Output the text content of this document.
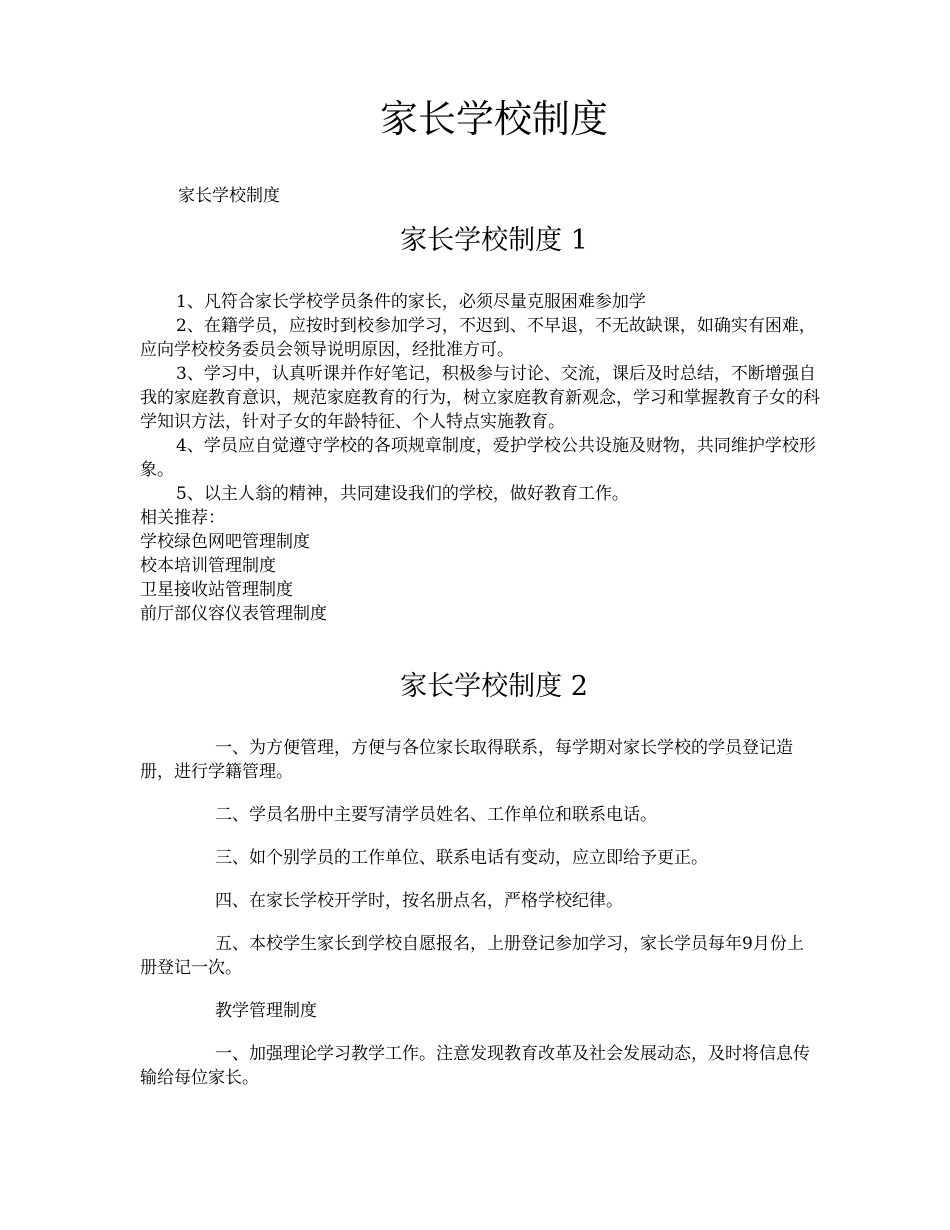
家长学校制度
家长学校制度
家长学校制度 1

1、凡符合家长学校学员条件的家长，必须尽量克服困难参加学

2、在籍学员，应按时到校参加学习，不迟到、不早退，不无故缺课，如确实有困难，应向学校校务委员会领导说明原因，经批准方可。

3、学习中，认真听课并作好笔记，积极参与讨论、交流，课后及时总结，不断增强自我的家庭教育意识，规范家庭教育的行为，树立家庭教育新观念，学习和掌握教育子女的科学知识方法，针对子女的年龄特征、个人特点实施教育。

4、学员应自觉遵守学校的各项规章制度，爱护学校公共设施及财物，共同维护学校形象。

5、以主人翁的精神，共同建设我们的学校，做好教育工作。

相关推荐：

学校绿色网吧管理制度
校本培训管理制度
卫星接收站管理制度
前厅部仪容仪表管理制度
家长学校制度 2

一、为方便管理，方便与各位家长取得联系，每学期对家长学校的学员登记造册，进行学籍管理。

二、学员名册中主要写清学员姓名、工作单位和联系电话。

三、如个别学员的工作单位、联系电话有变动，应立即给予更正。

四、在家长学校开学时，按名册点名，严格学校纪律。

五、本校学生家长到学校自愿报名，上册登记参加学习，家长学员每年9月份上册登记一次。

教学管理制度

一、加强理论学习教学工作。注意发现教育改革及社会发展动态，及时将信息传输给每位家长。
